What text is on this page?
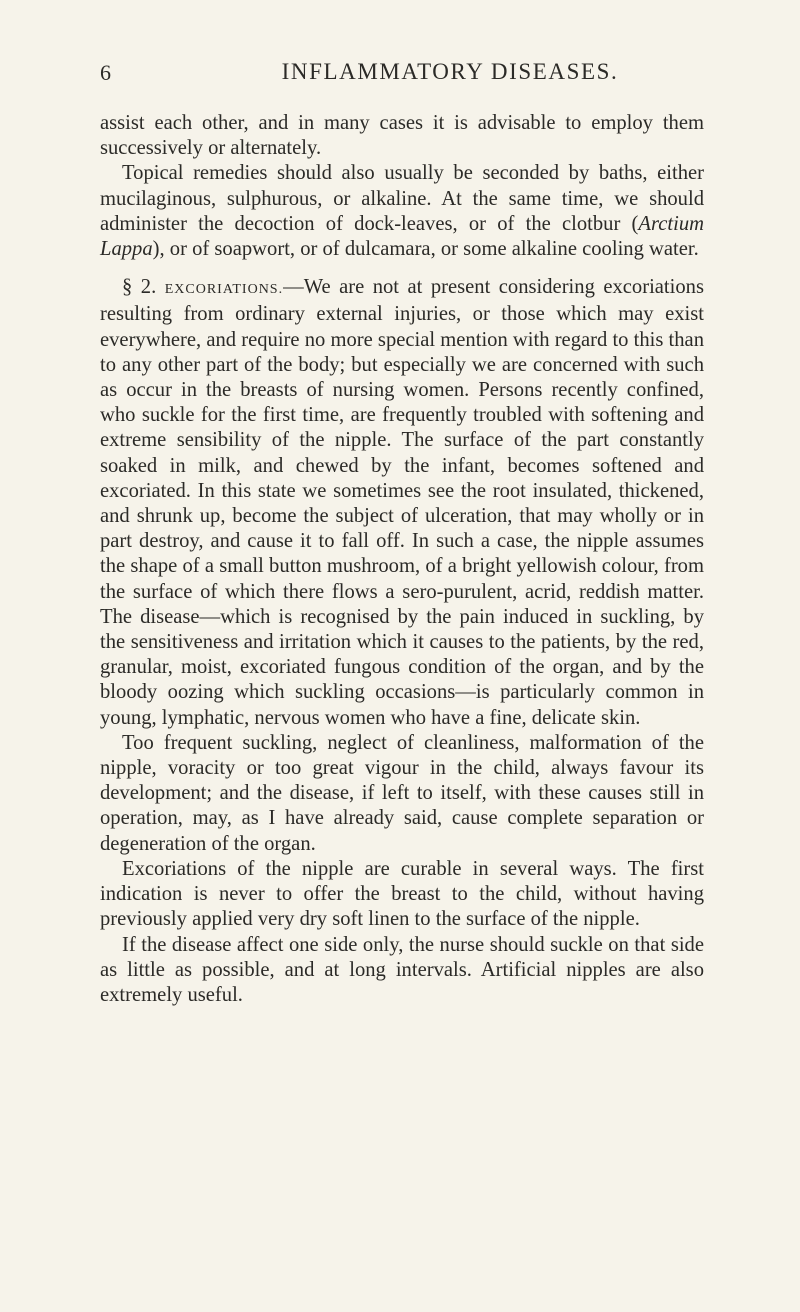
6	INFLAMMATORY DISEASES.

assist each other, and in many cases it is advisable to employ them successively or alternately.

Topical remedies should also usually be seconded by baths, either mucilaginous, sulphurous, or alkaline. At the same time, we should administer the decoction of dock-leaves, or of the clotbur (Arctium Lappa), or of soapwort, or of dulcamara, or some alkaline cooling water.

§ 2. EXCORIATIONS.—We are not at present considering excoriations resulting from ordinary external injuries, or those which may exist everywhere, and require no more special mention with regard to this than to any other part of the body; but especially we are concerned with such as occur in the breasts of nursing women. Persons recently confined, who suckle for the first time, are frequently troubled with softening and extreme sensibility of the nipple. The surface of the part constantly soaked in milk, and chewed by the infant, becomes softened and excoriated. In this state we sometimes see the root insulated, thickened, and shrunk up, become the subject of ulceration, that may wholly or in part destroy, and cause it to fall off. In such a case, the nipple assumes the shape of a small button mushroom, of a bright yellowish colour, from the surface of which there flows a sero-purulent, acrid, reddish matter. The disease—which is recognised by the pain induced in suckling, by the sensitiveness and irritation which it causes to the patients, by the red, granular, moist, excoriated fungous condition of the organ, and by the bloody oozing which suckling occasions—is particularly common in young, lymphatic, nervous women who have a fine, delicate skin.

Too frequent suckling, neglect of cleanliness, malformation of the nipple, voracity or too great vigour in the child, always favour its development; and the disease, if left to itself, with these causes still in operation, may, as I have already said, cause complete separation or degeneration of the organ.

Excoriations of the nipple are curable in several ways. The first indication is never to offer the breast to the child, without having previously applied very dry soft linen to the surface of the nipple.

If the disease affect one side only, the nurse should suckle on that side as little as possible, and at long intervals. Artificial nipples are also extremely useful.
